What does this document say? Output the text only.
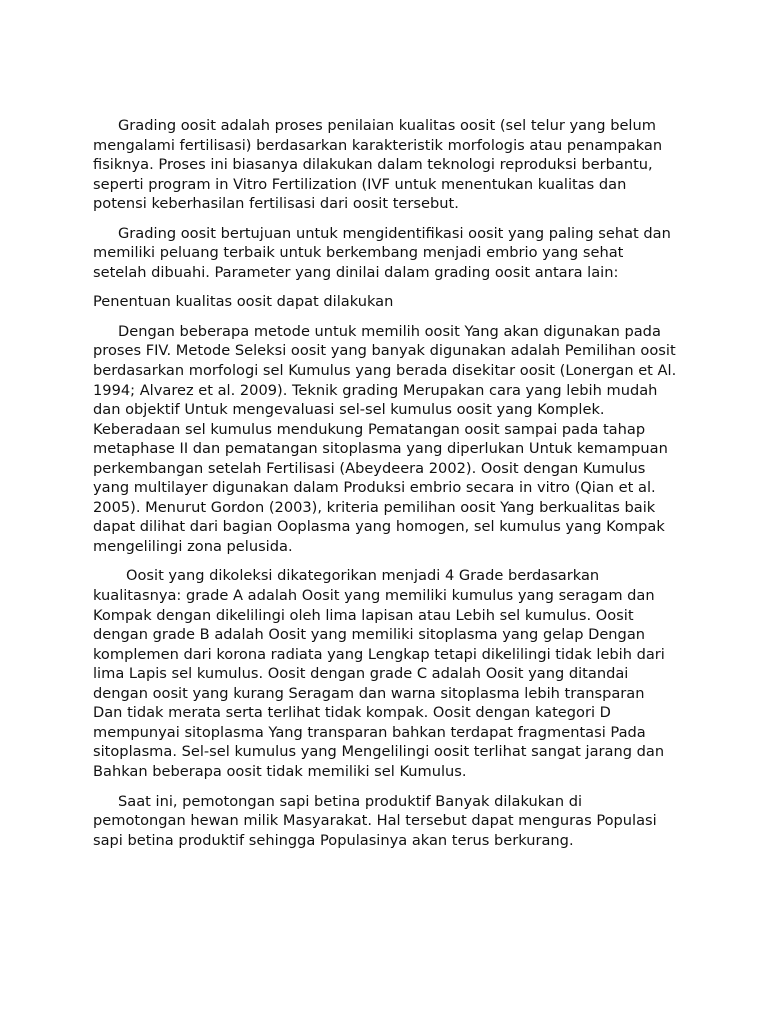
Grading oosit adalah proses penilaian kualitas oosit (sel telur yang belum mengalami fertilisasi) berdasarkan karakteristik morfologis atau penampakan fisiknya. Proses ini biasanya dilakukan dalam teknologi reproduksi berbantu, seperti program in Vitro Fertilization (IVF untuk menentukan kualitas dan potensi keberhasilan fertilisasi dari oosit tersebut.

Grading oosit bertujuan untuk mengidentifikasi oosit yang paling sehat dan memiliki peluang terbaik untuk berkembang menjadi embrio yang sehat setelah dibuahi. Parameter yang dinilai dalam grading oosit antara lain:

Penentuan kualitas oosit dapat dilakukan

Dengan beberapa metode untuk memilih oosit Yang akan digunakan pada proses FIV. Metode Seleksi oosit yang banyak digunakan adalah Pemilihan oosit berdasarkan morfologi sel Kumulus yang berada disekitar oosit (Lonergan et Al. 1994; Alvarez et al. 2009). Teknik grading Merupakan cara yang lebih mudah dan objektif Untuk mengevaluasi sel-sel kumulus oosit yang Komplek. Keberadaan sel kumulus mendukung Pematangan oosit sampai pada tahap metaphase II dan pematangan sitoplasma yang diperlukan Untuk kemampuan perkembangan setelah Fertilisasi (Abeydeera 2002). Oosit dengan Kumulus yang multilayer digunakan dalam Produksi embrio secara in vitro (Qian et al. 2005). Menurut Gordon (2003), kriteria pemilihan oosit Yang berkualitas baik dapat dilihat dari bagian Ooplasma yang homogen, sel kumulus yang Kompak mengelilingi zona pelusida.

Oosit yang dikoleksi dikategorikan menjadi 4 Grade berdasarkan kualitasnya: grade A adalah Oosit yang memiliki kumulus yang seragam dan Kompak dengan dikelilingi oleh lima lapisan atau Lebih sel kumulus. Oosit dengan grade B adalah Oosit yang memiliki sitoplasma yang gelap Dengan komplemen dari korona radiata yang Lengkap tetapi dikelilingi tidak lebih dari lima Lapis sel kumulus. Oosit dengan grade C adalah Oosit yang ditandai dengan oosit yang kurang Seragam dan warna sitoplasma lebih transparan Dan tidak merata serta terlihat tidak kompak. Oosit dengan kategori D mempunyai sitoplasma Yang transparan bahkan terdapat fragmentasi Pada sitoplasma. Sel-sel kumulus yang Mengelilingi oosit terlihat sangat jarang dan Bahkan beberapa oosit tidak memiliki sel Kumulus.

Saat ini, pemotongan sapi betina produktif Banyak dilakukan di pemotongan hewan milik Masyarakat. Hal tersebut dapat menguras Populasi sapi betina produktif sehingga Populasinya akan terus berkurang.
